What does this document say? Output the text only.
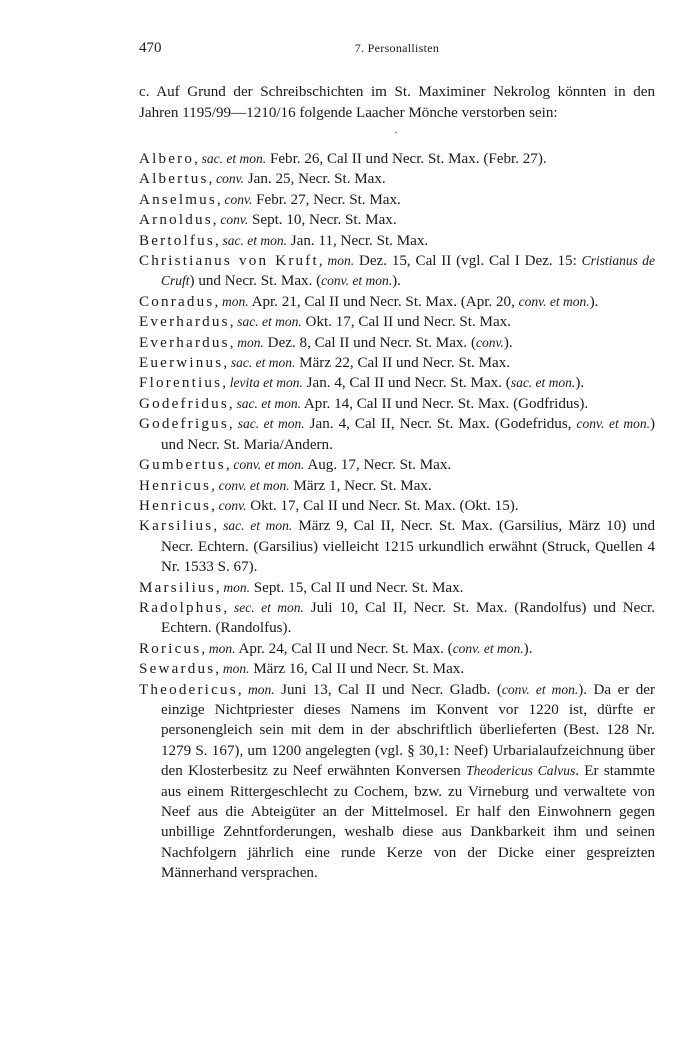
470	7. Personallisten

c. Auf Grund der Schreibschichten im St. Maximiner Nekrolog könnten in den Jahren 1195/99—1210/16 folgende Laacher Mönche verstorben sein:

Albero, sac. et mon. Febr. 26, Cal II und Necr. St. Max. (Febr. 27).

Albertus, conv. Jan. 25, Necr. St. Max.

Anselmus, conv. Febr. 27, Necr. St. Max.

Arnoldus, conv. Sept. 10, Necr. St. Max.

Bertolfus, sac. et mon. Jan. 11, Necr. St. Max.

Christianus von Kruft, mon. Dez. 15, Cal II (vgl. Cal I Dez. 15: Cristianus de Cruft) und Necr. St. Max. (conv. et mon.).

Conradus, mon. Apr. 21, Cal II und Necr. St. Max. (Apr. 20, conv. et mon.).

Everhardus, sac. et mon. Okt. 17, Cal II und Necr. St. Max.

Everhardus, mon. Dez. 8, Cal II und Necr. St. Max. (conv.).

Euerwinus, sac. et mon. März 22, Cal II und Necr. St. Max.

Florentius, levita et mon. Jan. 4, Cal II und Necr. St. Max. (sac. et mon.).

Godefridus, sac. et mon. Apr. 14, Cal II und Necr. St. Max. (Godfridus).

Godefrigus, sac. et mon. Jan. 4, Cal II, Necr. St. Max. (Godefridus, conv. et mon.) und Necr. St. Maria/Andern.

Gumbertus, conv. et mon. Aug. 17, Necr. St. Max.

Henricus, conv. et mon. März 1, Necr. St. Max.

Henricus, conv. Okt. 17, Cal II und Necr. St. Max. (Okt. 15).

Karsilius, sac. et mon. März 9, Cal II, Necr. St. Max. (Garsilius, März 10) und Necr. Echtern. (Garsilius) vielleicht 1215 urkundlich erwähnt (Struck, Quellen 4 Nr. 1533 S. 67).

Marsilius, mon. Sept. 15, Cal II und Necr. St. Max.

Radolphus, sec. et mon. Juli 10, Cal II, Necr. St. Max. (Randolfus) und Necr. Echtern. (Randolfus).

Roricus, mon. Apr. 24, Cal II und Necr. St. Max. (conv. et mon.).

Sewardus, mon. März 16, Cal II und Necr. St. Max.

Theodericus, mon. Juni 13, Cal II und Necr. Gladb. (conv. et mon.). Da er der einzige Nichtpriester dieses Namens im Konvent vor 1220 ist, dürfte er personengleich sein mit dem in der abschriftlich überlieferten (Best. 128 Nr. 1279 S. 167), um 1200 angelegten (vgl. § 30,1: Neef) Urbarialaufzeichnung über den Klosterbesitz zu Neef erwähnten Konversen Theodericus Calvus. Er stammte aus einem Rittergeschlecht zu Cochem, bzw. zu Virneburg und verwaltete von Neef aus die Abteigüter an der Mittelmosel. Er half den Einwohnern gegen unbillige Zehntforderungen, weshalb diese aus Dankbarkeit ihm und seinen Nachfolgern jährlich eine runde Kerze von der Dicke einer gespreizten Männerhand versprachen.

·
